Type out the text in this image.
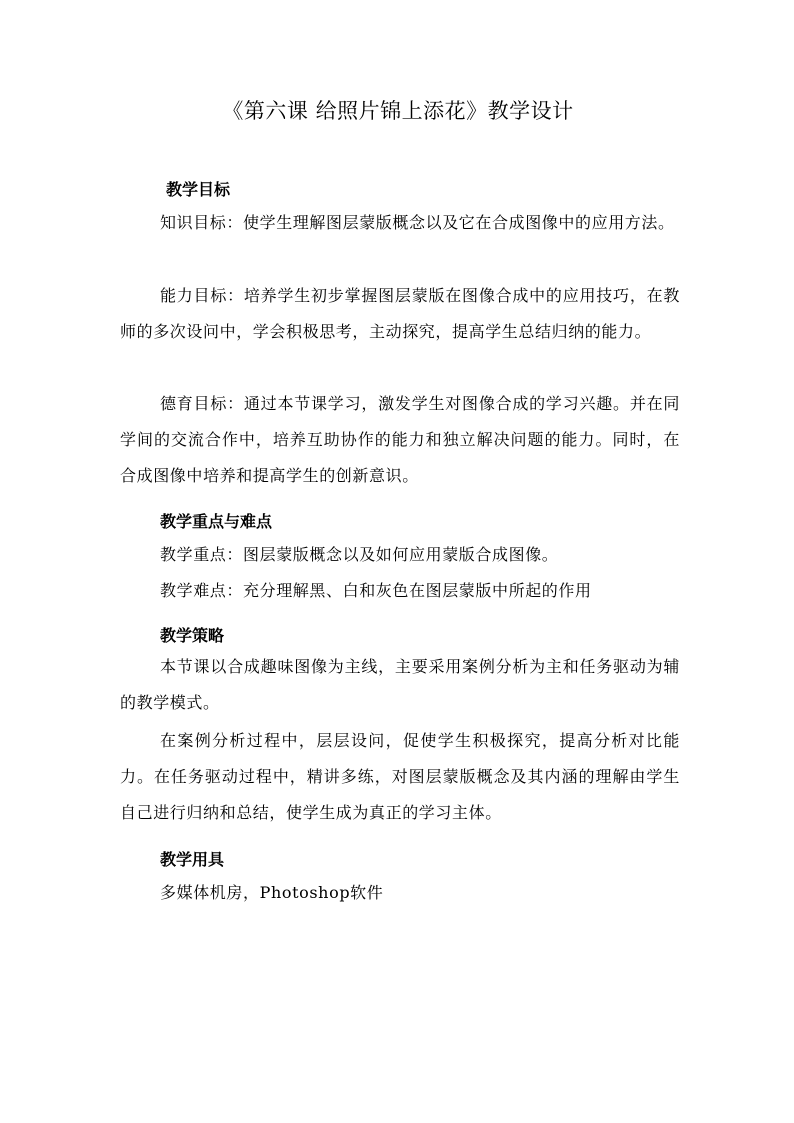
《第六课 给照片锦上添花》教学设计
教学目标
知识目标：使学生理解图层蒙版概念以及它在合成图像中的应用方法。
能力目标：培养学生初步掌握图层蒙版在图像合成中的应用技巧，在教师的多次设问中，学会积极思考，主动探究，提高学生总结归纳的能力。
德育目标：通过本节课学习，激发学生对图像合成的学习兴趣。并在同学间的交流合作中，培养互助协作的能力和独立解决问题的能力。同时，在合成图像中培养和提高学生的创新意识。
教学重点与难点
教学重点：图层蒙版概念以及如何应用蒙版合成图像。
教学难点：充分理解黑、白和灰色在图层蒙版中所起的作用
教学策略
本节课以合成趣味图像为主线，主要采用案例分析为主和任务驱动为辅的教学模式。
在案例分析过程中，层层设问，促使学生积极探究，提高分析对比能力。在任务驱动过程中，精讲多练，对图层蒙版概念及其内涵的理解由学生自己进行归纳和总结，使学生成为真正的学习主体。
教学用具
多媒体机房，Photoshop软件
